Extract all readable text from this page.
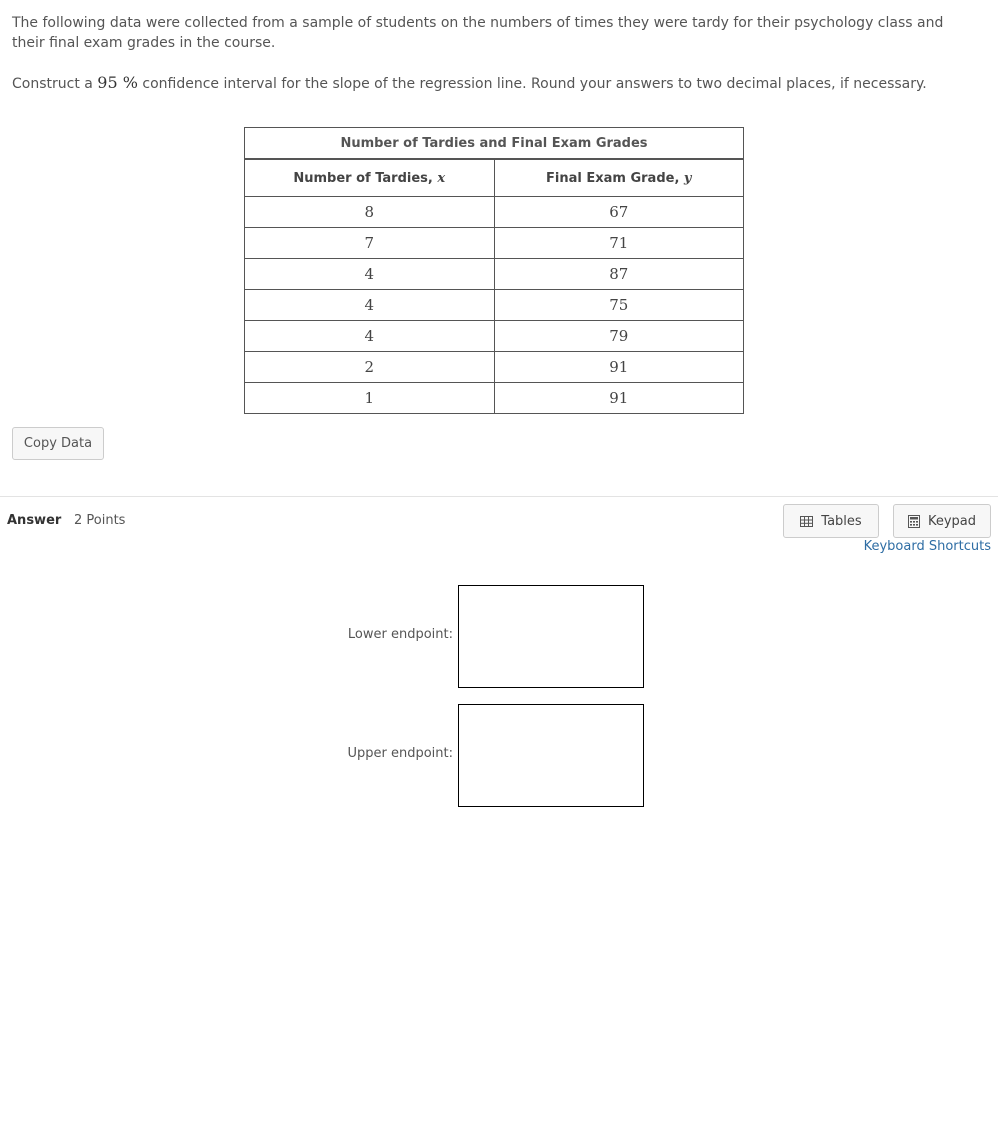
The following data were collected from a sample of students on the numbers of times they were tardy for their psychology class and their final exam grades in the course.

Construct a 95 % confidence interval for the slope of the regression line. Round your answers to two decimal places, if necessary.

Number of Tardies and Final Exam Grades	
Number of Tardies, x	Final Exam Grade, y
8	67
7	71
4	87
4	75
4	79
2	91
1	91
Copy Data
Answer 2 Points	Tables	Keypad
Keyboard Shortcuts
Lower endpoint:
Upper endpoint:
